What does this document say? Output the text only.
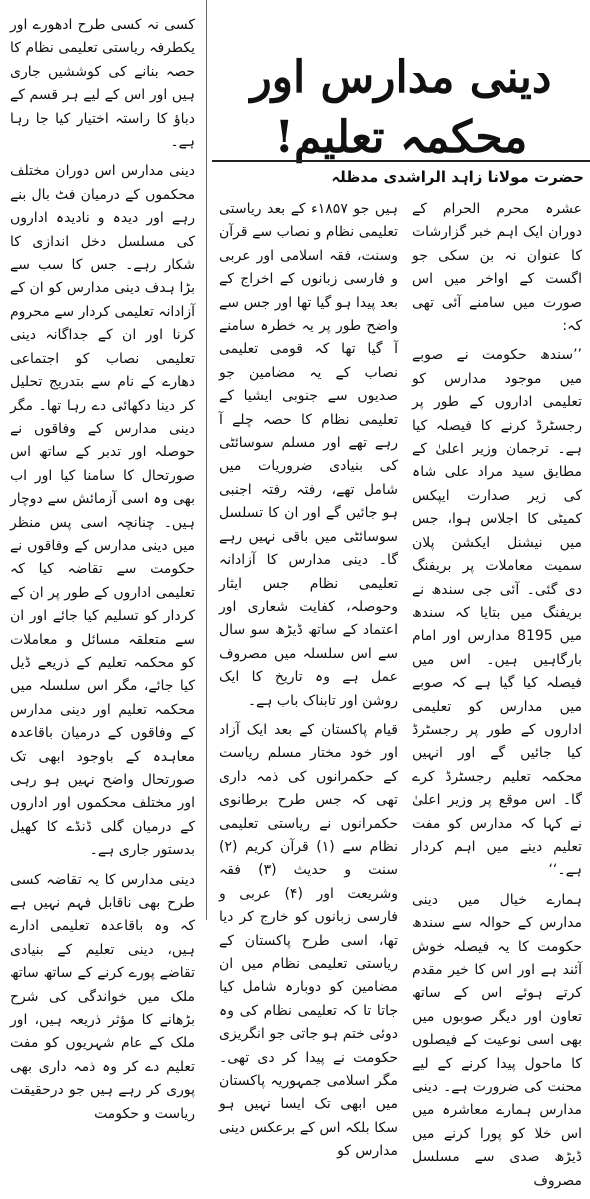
دینی مدارس اور محکمہ تعلیم!
حضرت مولانا زاہد الراشدی مدظلہ

عشرہ محرم الحرام کے دوران ایک اہم خبر گزارشات کا عنوان نہ بن سکی جو اگست کے اواخر میں اس صورت میں سامنے آئی تھی کہ:

’’سندھ حکومت نے صوبے میں موجود مدارس کو تعلیمی اداروں کے طور پر رجسٹرڈ کرنے کا فیصلہ کیا ہے۔ ترجمان وزیر اعلیٰ کے مطابق سید مراد علی شاہ کی زیر صدارت ایپکس کمیٹی کا اجلاس ہوا، جس میں نیشنل ایکشن پلان سمیت معاملات پر بریفنگ دی گئی۔ آئی جی سندھ نے بریفنگ میں بتایا کہ سندھ میں 8195 مدارس اور امام بارگاہیں ہیں۔ اس میں فیصلہ کیا گیا ہے کہ صوبے میں مدارس کو تعلیمی اداروں کے طور پر رجسٹرڈ کیا جائیں گے اور انہیں محکمہ تعلیم رجسٹرڈ کرے گا۔ اس موقع پر وزیر اعلیٰ نے کہا کہ مدارس کو مفت تعلیم دینے میں اہم کردار ہے۔‘‘

ہمارے خیال میں دینی مدارس کے حوالہ سے سندھ حکومت کا یہ فیصلہ خوش آئند ہے اور اس کا خیر مقدم کرتے ہوئے اس کے ساتھ تعاون اور دیگر صوبوں میں بھی اسی نوعیت کے فیصلوں کا ماحول پیدا کرنے کے لیے محنت کی ضرورت ہے۔ دینی مدارس ہمارے معاشرہ میں اس خلا کو پورا کرنے میں ڈیڑھ صدی سے مسلسل مصروف

ہیں جو ۱۸۵۷ء کے بعد ریاستی تعلیمی نظام و نصاب سے قرآن وسنت، فقہ اسلامی اور عربی و فارسی زبانوں کے اخراج کے بعد پیدا ہو گیا تھا اور جس سے واضح طور پر یہ خطرہ سامنے آ گیا تھا کہ قومی تعلیمی نصاب کے یہ مضامین جو صدیوں سے جنوبی ایشیا کے تعلیمی نظام کا حصہ چلے آ رہے تھے اور مسلم سوسائٹی کی بنیادی ضروریات میں شامل تھے، رفتہ رفتہ اجنبی ہو جائیں گے اور ان کا تسلسل سوسائٹی میں باقی نہیں رہے گا۔ دینی مدارس کا آزادانہ تعلیمی نظام جس ایثار وحوصلہ، کفایت شعاری اور اعتماد کے ساتھ ڈیڑھ سو سال سے اس سلسلہ میں مصروف عمل ہے وہ تاریخ کا ایک روشن اور تابناک باب ہے۔

قیام پاکستان کے بعد ایک آزاد اور خود مختار مسلم ریاست کے حکمرانوں کی ذمہ داری تھی کہ جس طرح برطانوی حکمرانوں نے ریاستی تعلیمی نظام سے (۱) قرآن کریم (۲) سنت و حدیث (۳) فقہ وشریعت اور (۴) عربی و فارسی زبانوں کو خارج کر دیا تھا، اسی طرح پاکستان کے ریاستی تعلیمی نظام میں ان مضامین کو دوبارہ شامل کیا جاتا تا کہ تعلیمی نظام کی وہ دوئی ختم ہو جاتی جو انگریزی حکومت نے پیدا کر دی تھی۔ مگر اسلامی جمہوریہ پاکستان میں ابھی تک ایسا نہیں ہو سکا بلکہ اس کے برعکس دینی مدارس کو

کسی نہ کسی طرح ادھورے اور یکطرفہ ریاستی تعلیمی نظام کا حصہ بنانے کی کوششیں جاری ہیں اور اس کے لیے ہر قسم کے دباؤ کا راستہ اختیار کیا جا رہا ہے۔

دینی مدارس اس دوران مختلف محکموں کے درمیان فٹ بال بنے رہے اور دیدہ و نادیدہ اداروں کی مسلسل دخل اندازی کا شکار رہے۔ جس کا سب سے بڑا ہدف دینی مدارس کو ان کے آزادانہ تعلیمی کردار سے محروم کرنا اور ان کے جداگانہ دینی تعلیمی نصاب کو اجتماعی دھارے کے نام سے بتدریج تحلیل کر دینا دکھائی دے رہا تھا۔ مگر دینی مدارس کے وفاقوں نے حوصلہ اور تدبر کے ساتھ اس صورتحال کا سامنا کیا اور اب بھی وہ اسی آزمائش سے دوچار ہیں۔ چنانچہ اسی پس منظر میں دینی مدارس کے وفاقوں نے حکومت سے تقاضہ کیا کہ تعلیمی اداروں کے طور پر ان کے کردار کو تسلیم کیا جائے اور ان سے متعلقہ مسائل و معاملات کو محکمہ تعلیم کے ذریعے ڈیل کیا جائے، مگر اس سلسلہ میں محکمہ تعلیم اور دینی مدارس کے وفاقوں کے درمیان باقاعدہ معاہدہ کے باوجود ابھی تک صورتحال واضح نہیں ہو رہی اور مختلف محکموں اور اداروں کے درمیان گلی ڈنڈے کا کھیل بدستور جاری ہے۔

دینی مدارس کا یہ تقاضہ کسی طرح بھی ناقابل فہم نہیں ہے کہ وہ باقاعدہ تعلیمی ادارے ہیں، دینی تعلیم کے بنیادی تقاضے پورے کرنے کے ساتھ ساتھ ملک میں خواندگی کی شرح بڑھانے کا مؤثر ذریعہ ہیں، اور ملک کے عام شہریوں کو مفت تعلیم دے کر وہ ذمہ داری بھی پوری کر رہے ہیں جو درحقیقت ریاست و حکومت
